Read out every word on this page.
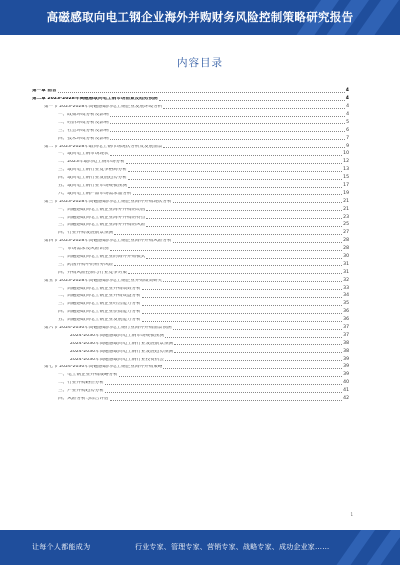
高磁感取向电工钢企业海外并购财务风险控制策略研究报告
内容目录
第一章 前言	4
第二章 2023-2028年高磁感取向电工钢市场前景及趋势预测	4
第一节 2023-2028年高磁感取向电工钢企业发展环境分析	4
一、政策环境分析及影响	4
二、经济环境分析及影响	5
三、社会环境分析及影响	6
四、技术环境分析及影响	7
第二节 2023-2028年取向电工钢市场现状分析及发展前景	9
一、取向电工钢市场现状	10
二、2023年取向电工钢市场分析	12
三、取向电工钢行业竞争格局分析	13
四、取向电工钢行业发展趋势分析	15
五、取向电工钢行业市场规模预测	17
六、取向电工钢产品市场需求量分析	19
第三节 2023-2028年高磁感取向电工钢企业海外并购现状分析	21
一、高磁感取向电工钢企业海外并购的动因	21
二、高磁感取向电工钢企业海外并购的特点	23
三、高磁感取向电工钢企业海外并购的风险	25
四、行业并购发展前景预测	27
第四节 2023-2028年高磁感取向电工钢企业海外并购风险分析	28
一、市场需求及风险识别	28
二、高磁感取向电工钢企业的海外并购模式	30
三、跨国并购中的财务风险	31
四、并购风险控制与行业竞争对策	31
第五节 2023-2028年高磁感取向电工钢企业并购绩效研究	32
一、高磁感取向电工钢企业并购绩效分析	33
二、高磁感取向电工钢企业并购效益分析	34
三、高磁感取向电工钢企业经营能力分析	35
四、高磁感取向电工钢企业偿债能力分析	36
五、高磁感取向电工钢企业发展能力分析	36
第六节 2024-2030年高磁感取向电工钢行业海外并购前景预测	37
2024-2030年高磁感取向电工钢市场规模预测	37
2024-2030年高磁感取向电工钢行业发展前景预测	38
2024-2030年高磁感取向电工钢行业发展趋势预测	38
2024-2030年高磁感取向电工钢行业投资机会	39
第七节 2024-2030年高磁感取向电工钢企业海外并购策略	39
一、电工钢企业并购战略分析	39
二、行业并购路径分析	40
三、产业并购趋势分析	41
四、风险分析与综合评估	42
1
让每个人都能成为	行业专家、管理专家、营销专家、战略专家、成功企业家……
